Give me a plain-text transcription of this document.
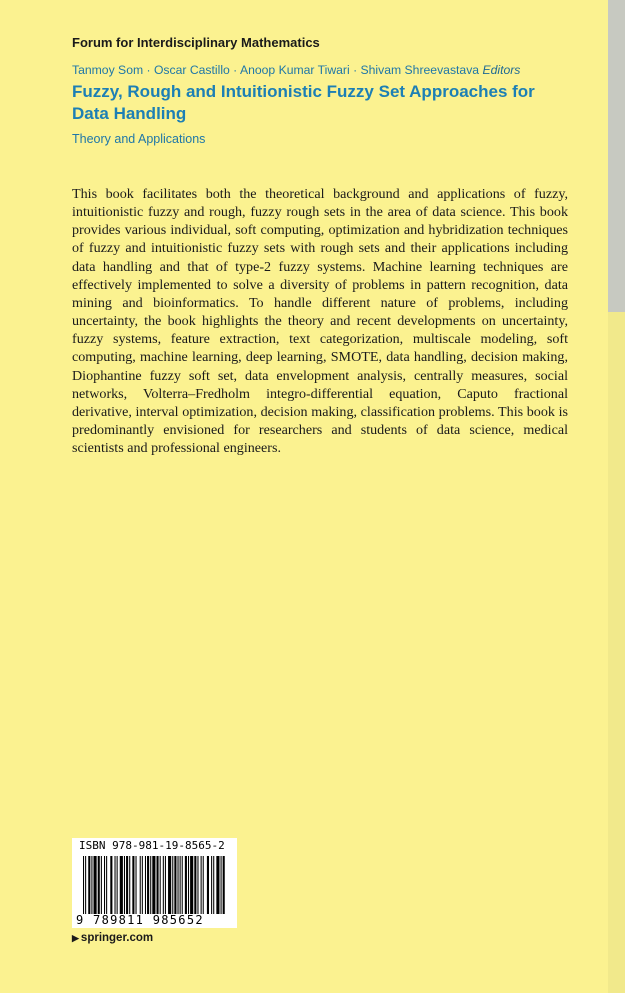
Forum for Interdisciplinary Mathematics
Tanmoy Som · Oscar Castillo · Anoop Kumar Tiwari · Shivam Shreevastava Editors
Fuzzy, Rough and Intuitionistic Fuzzy Set Approaches for Data Handling
Theory and Applications

This book facilitates both the theoretical background and applications of fuzzy, intuitionistic fuzzy and rough, fuzzy rough sets in the area of data science. This book provides various individual, soft computing, optimization and hybridization techniques of fuzzy and intuitionistic fuzzy sets with rough sets and their applications including data handling and that of type-2 fuzzy systems. Machine learning techniques are effectively implemented to solve a diversity of problems in pattern recognition, data mining and bioinformatics. To handle different nature of problems, including uncertainty, the book highlights the theory and recent developments on uncertainty, fuzzy systems, feature extraction, text categorization, multiscale modeling, soft computing, machine learning, deep learning, SMOTE, data handling, decision making, Diophantine fuzzy soft set, data envelopment analysis, centrally measures, social networks, Volterra–Fredholm integro-differential equation, Caputo fractional derivative, interval optimization, decision making, classification problems. This book is predominantly envisioned for researchers and students of data science, medical scientists and professional engineers.

ISBN 978-981-19-8565-2
9 789811 985652
▶ springer.com
